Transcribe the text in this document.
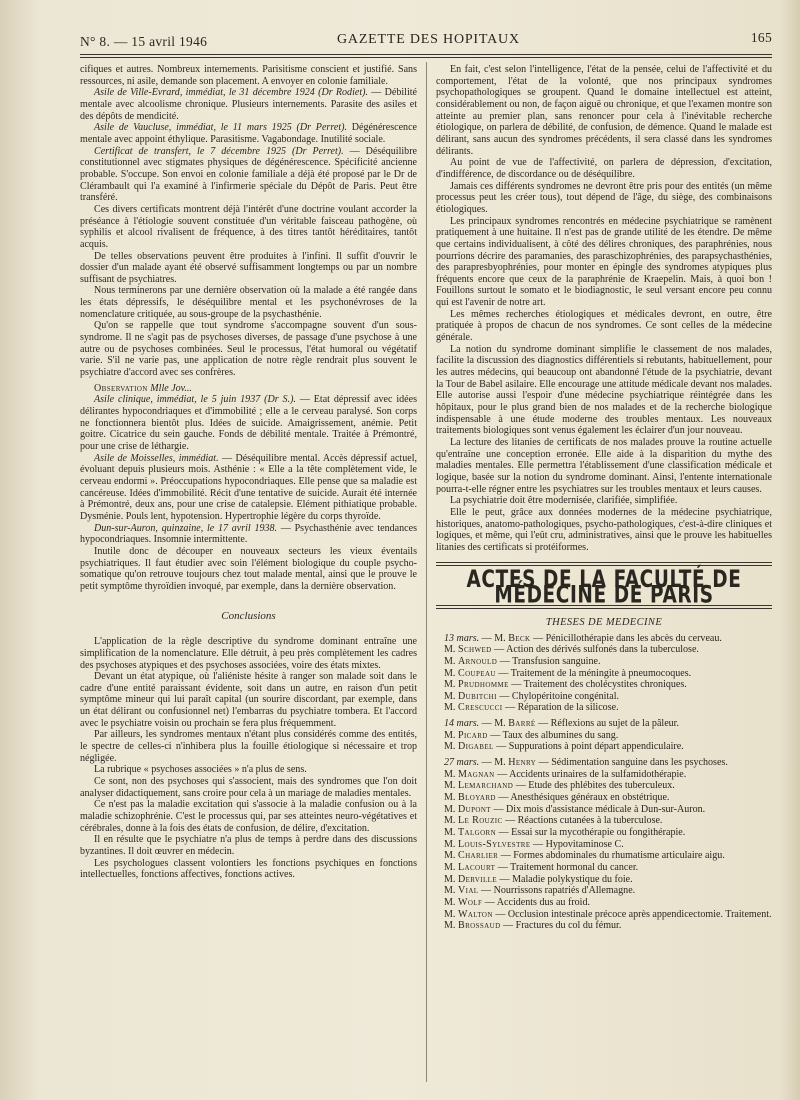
N° 8. — 15 avril 1946	GAZETTE DES HOPITAUX	165

cifiques et autres. Nombreux internements. Parisitisme conscient et justifié. Sans ressources, ni asile, demande son placement. A envoyer en colonie familiale.

Asile de Ville-Evrard, immédiat, le 31 décembre 1924 (Dr Rodiet). — Débilité mentale avec alcoolisme chronique. Plusieurs internements. Parasite des asiles et des dépôts de mendicité.

Asile de Vaucluse, immédiat, le 11 mars 1925 (Dr Perret). Dégénérescence mentale avec appoint éthylique. Parasitisme. Vagabondage. Inutilité sociale.

Certificat de transfert, le 7 décembre 1925 (Dr Perret). — Déséquilibre constitutionnel avec stigmates physiques de dégénérescence. Spécificité ancienne probable. S'occupe. Son envoi en colonie familiale a déjà été proposé par le Dr de Clérambault qui l'a examiné à l'infirmerie spéciale du Dépôt de Paris. Peut être transféré.

Ces divers certificats montrent déjà l'intérêt d'une doctrine voulant accorder la préséance à l'étiologie souvent constituée d'un véritable faisceau pathogène, où syphilis et alcool rivalisent de fréquence, à des titres tantôt héréditaires, tantôt acquis.

De telles observations peuvent être produites à l'infini. Il suffit d'ouvrir le dossier d'un malade ayant été observé suffisamment longtemps ou par un nombre suffisant de psychiatres.

Nous terminerons par une dernière observation où la malade a été rangée dans les états dépressifs, le déséquilibre mental et les psychonévroses de la nomenclature critiquée, au sous-groupe de la psychasthénie.

Qu'on se rappelle que tout syndrome s'accompagne souvent d'un sous-syndrome. Il ne s'agit pas de psychoses diverses, de passage d'une psychose à une autre ou de psychoses combinées. Seul le processus, l'état humoral ou végétatif varie. S'il ne varie pas, une application de notre règle rendrait plus souvent le psychiatre d'accord avec ses confrères.

Observation Mlle Jov...

Asile clinique, immédiat, le 5 juin 1937 (Dr S.). — Etat dépressif avec idées délirantes hypocondriaques et d'immobilité ; elle a le cerveau paralysé. Son corps ne fonctionnera bientôt plus. Idées de suicide. Amaigrissement, anémie. Petit goitre. Cicatrice du sein gauche. Fonds de débilité mentale. Traitée à Prémontré, pour une crise de léthargie.

Asile de Moisselles, immédiat. — Déséquilibre mental. Accès dépressif actuel, évoluant depuis plusieurs mois. Asthénie : « Elle a la tête complètement vide, le cerveau endormi ». Préoccupations hypocondriaques. Elle pense que sa maladie est cancéreuse. Idées d'immobilité. Récit d'une tentative de suicide. Aurait été internée à Prémontré, deux ans, pour une crise de catalepsie. Elément pithiatique probable. Dysménie. Pouls lent, hypotension. Hypertrophie légère du corps thyroïde.

Dun-sur-Auron, quinzaine, le 17 avril 1938. — Psychasthénie avec tendances hypocondriaques. Insomnie intermittente.

Inutile donc de découper en nouveaux secteurs les vieux éventails psychiatriques. Il faut étudier avec soin l'élément biologique du couple psycho-somatique qu'on retrouve toujours chez tout malade mental, ainsi que le prouve le petit symptôme thyroïdien invoqué, par exemple, dans la dernière observation.

Conclusions

L'application de la règle descriptive du syndrome dominant entraîne une simplification de la nomenclature. Elle détruit, à peu près complètement les cadres des psychoses atypiques et des psychoses associées, voire des états mixtes.

Devant un état atypique, où l'aliéniste hésite à ranger son malade soit dans le cadre d'une entité paraissant évidente, soit dans un autre, en raison d'un petit symptôme mineur qui lui paraît capital (un sourire discordant, par exemple, dans un état délirant ou confusionnel net) l'embarras du psychiatre tombera. Et l'accord avec le psychiatre voisin ou prochain se fera plus fréquemment.

Par ailleurs, les syndromes mentaux n'étant plus considérés comme des entités, le spectre de celles-ci n'inhibera plus la fouille étiologique si nécessaire et trop négligée.

La rubrique « psychoses associées » n'a plus de sens.

Ce sont, non des psychoses qui s'associent, mais des syndromes que l'on doit analyser didactiquement, sans croire pour cela à un mariage de maladies mentales.

Ce n'est pas la maladie excitation qui s'associe à la maladie confusion ou à la maladie schizophrénie. C'est le processus qui, par ses atteintes neuro-végétatives et cérébrales, donne à la fois des états de confusion, de délire, d'excitation.

Il en résulte que le psychiatre n'a plus de temps à perdre dans des discussions byzantines. Il doit œuvrer en médecin.

Les psychologues classent volontiers les fonctions psychiques en fonctions intellectuelles, fonctions affectives, fonctions actives.

En fait, c'est selon l'intelligence, l'état de la pensée, celui de l'affectivité et du comportement, l'état de la volonté, que nos principaux syndromes psychopathologiques se groupent. Quand le domaine intellectuel est atteint, considérablement ou non, de façon aiguë ou chronique, et que l'examen montre son atteinte au premier plan, sans renoncer pour cela à l'inévitable recherche étiologique, on parlera de débilité, de confusion, de démence. Quand le malade est délirant, sans aucun des syndromes précédents, il sera classé dans les syndromes délirants.

Au point de vue de l'affectivité, on parlera de dépression, d'excitation, d'indifférence, de discordance ou de déséquilibre.

Jamais ces différents syndromes ne devront être pris pour des entités (un même processus peut les créer tous), tout dépend de l'âge, du siège, des combinaisons étiologiques.

Les principaux syndromes rencontrés en médecine psychiatrique se ramènent pratiquement à une huitaine. Il n'est pas de grande utilité de les étendre. De même que certains individualisent, à côté des délires chroniques, des paraphrénies, nous pourrions décrire des paramanies, des paraschizophrénies, des parapsychasthénies, des parapresbyophrénies, pour monter en épingle des syndromes atypiques plus fréquents encore que ceux de la paraphrénie de Kraepelin. Mais, à quoi bon ! Fouillons surtout le somato et le biodiagnostic, le seul versant encore peu connu qui est l'avenir de notre art.

Les mêmes recherches étiologiques et médicales devront, en outre, être pratiquée à propos de chacun de nos syndromes. Ce sont celles de la médecine générale.

La notion du syndrome dominant simplifie le classement de nos malades, facilite la discussion des diagnostics différentiels si rebutants, habituellement, pour les autres médecins, qui beaucoup ont abandonné l'étude de la psychiatrie, devant la Tour de Babel asilaire. Elle encourage une attitude médicale devant nos malades. Elle autorise aussi l'espoir d'une médecine psychiatrique réintégrée dans les hôpitaux, pour le plus grand bien de nos malades et de la recherche biologique indispensable à une étude moderne des troubles mentaux. Les nouveaux traitements biologiques sont venus également les éclairer d'un jour nouveau.

La lecture des litanies de certificats de nos malades prouve la routine actuelle qu'entraîne une conception erronée. Elle aide à la disparition du mythe des maladies mentales. Elle permettra l'établissement d'une classification médicale et logique, basée sur la notion du syndrome dominant. Ainsi, l'entente internationale pourra-t-elle régner entre les psychiatres sur les troubles mentaux et leurs causes.

La psychiatrie doit être modernisée, clarifiée, simplifiée.

Elle le peut, grâce aux données modernes de la médecine psychiatrique, historiques, anatomo-pathologiques, psycho-pathologiques, c'est-à-dire cliniques et logiques, et même, qui l'eût cru, administratives, ainsi que le prouve les habituelles litanies des certificats si protéiformes.

ACTES DE LA FACULTÉ DE MÉDECINE DE PARIS

THESES DE MEDECINE

13 mars. — M. Beck — Pénicillothérapie dans les abcès du cerveau.

M. Schwed — Action des dérivés sulfonés dans la tuberculose.

M. Arnould — Transfusion sanguine.

M. Coupeau — Traitement de la méningite à pneumocoques.

M. Prudhomme — Traitement des cholécystites chroniques.

M. Dubitchi — Chylopéritoine congénital.

M. Crescucci — Réparation de la silicose.

14 mars. — M. Barré — Réflexions au sujet de la pâleur.

M. Picard — Taux des albumines du sang.

M. Digabel — Suppurations à point départ appendiculaire.

27 mars. — M. Henry — Sédimentation sanguine dans les psychoses.

M. Magnan — Accidents urinaires de la sulfamidothérapie.

M. Lemarchand — Etude des phlébites des tuberculeux.

M. Bloyard — Anesthésiques généraux en obstétrique.

M. Dupont — Dix mois d'assistance médicale à Dun-sur-Auron.

M. Le Rouzic — Réactions cutanées à la tuberculose.

M. Talgorn — Essai sur la mycothérapie ou fongithérapie.

M. Louis-Sylvestre — Hypovitaminose C.

M. Charlier — Formes abdominales du rhumatisme articulaire aigu.

M. Lacourt — Traitement hormonal du cancer.

M. Derville — Maladie polykystique du foie.

M. Vial — Nourrissons rapatriés d'Allemagne.

M. Wolf — Accidents dus au froid.

M. Walton — Occlusion intestinale précoce après appendicectomie. Traitement.

M. Brossaud — Fractures du col du fémur.
